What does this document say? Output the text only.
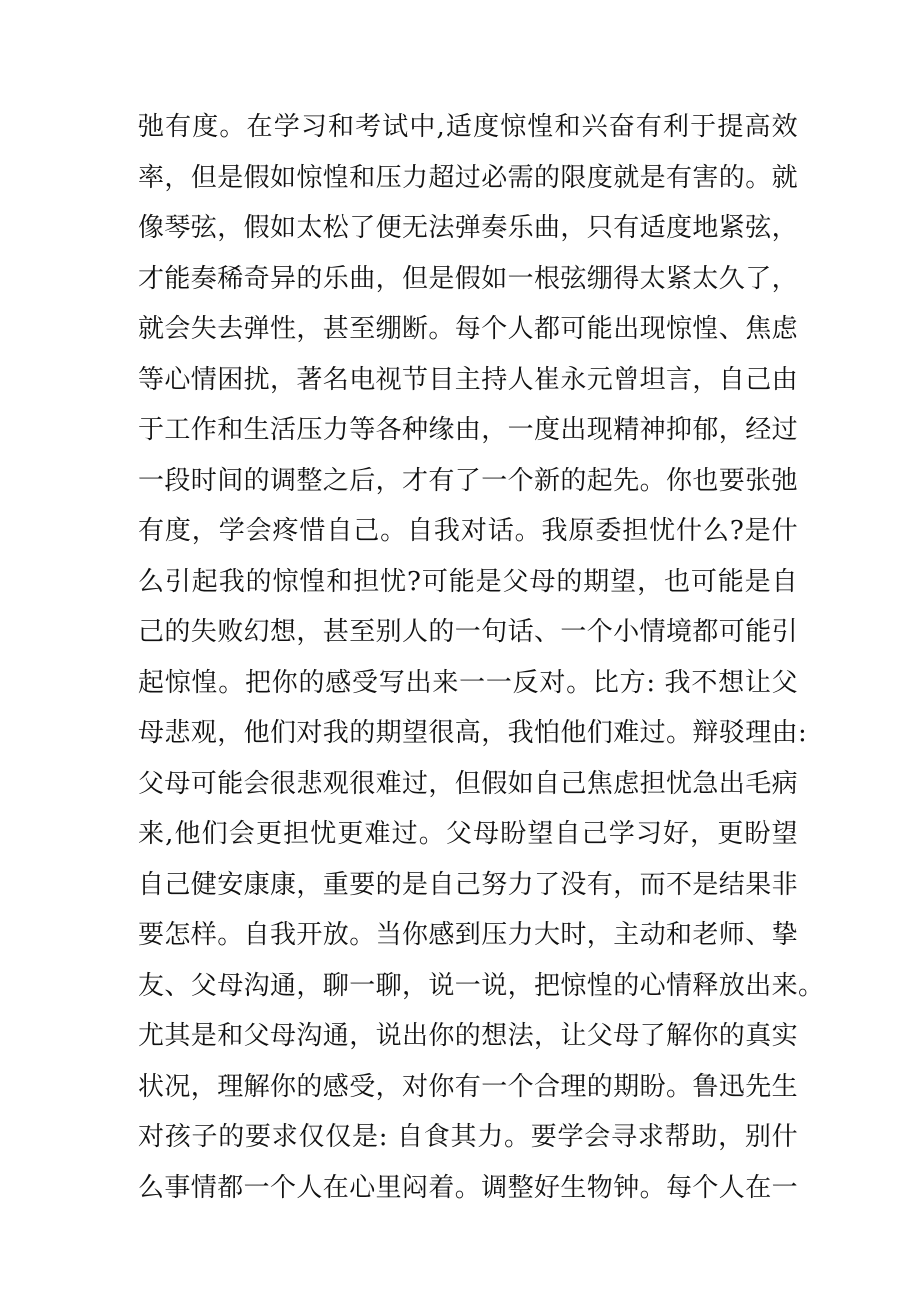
弛有度。在学习和考试中,适度惊惶和兴奋有利于提高效
率，但是假如惊惶和压力超过必需的限度就是有害的。就
像琴弦，假如太松了便无法弹奏乐曲，只有适度地紧弦，
才能奏稀奇异的乐曲，但是假如一根弦绷得太紧太久了，
就会失去弹性，甚至绷断。每个人都可能出现惊惶、焦虑
等心情困扰，著名电视节目主持人崔永元曾坦言，自己由
于工作和生活压力等各种缘由，一度出现精神抑郁，经过
一段时间的调整之后，才有了一个新的起先。你也要张弛
有度，学会疼惜自己。自我对话。我原委担忧什么?是什
么引起我的惊惶和担忧?可能是父母的期望，也可能是自
己的失败幻想，甚至别人的一句话、一个小情境都可能引
起惊惶。把你的感受写出来一一反对。比方: 我不想让父
母悲观，他们对我的期望很高，我怕他们难过。辩驳理由:
父母可能会很悲观很难过，但假如自己焦虑担忧急出毛病
来,他们会更担忧更难过。父母盼望自己学习好，更盼望
自己健安康康，重要的是自己努力了没有，而不是结果非
要怎样。自我开放。当你感到压力大时，主动和老师、挚
友、父母沟通，聊一聊，说一说，把惊惶的心情释放出来。
尤其是和父母沟通，说出你的想法，让父母了解你的真实
状况，理解你的感受，对你有一个合理的期盼。鲁迅先生
对孩子的要求仅仅是: 自食其力。要学会寻求帮助，别什
么事情都一个人在心里闷着。调整好生物钟。每个人在一
